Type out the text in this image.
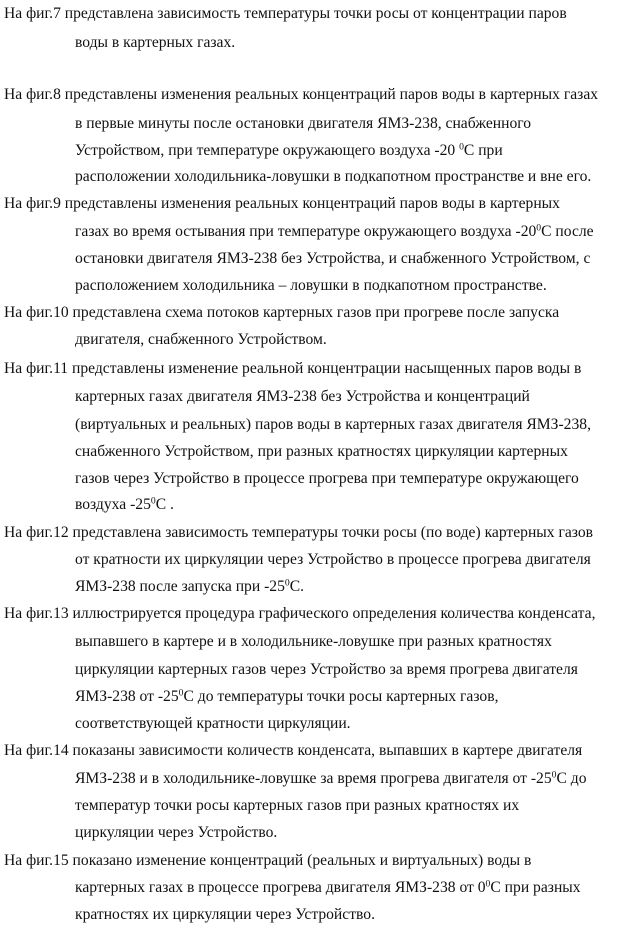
На фиг.7 представлена зависимость температуры точки росы от концентрации паров
воды в картерных газах.
На фиг.8 представлены изменения реальных концентраций паров воды в картерных газах
в первые минуты после остановки двигателя ЯМЗ-238, снабженного
Устройством, при температуре окружающего воздуха -20 $^0$С при
расположении холодильника-ловушки в подкапотном пространстве и вне его.
На фиг.9 представлены изменения реальных концентраций паров воды в картерных
газах во время остывания при температуре окружающего воздуха $-20^0С$ после
остановки двигателя ЯМЗ-238 без Устройства, и снабженного Устройством, с
расположением холодильника – ловушки в подкапотном пространстве.
На фиг.10 представлена схема потоков картерных газов при прогреве после запуска
двигателя, снабженного Устройством.
На фиг.11 представлены изменение реальной концентрации насыщенных паров воды в
картерных газах двигателя ЯМЗ-238 без Устройства и концентраций
(виртуальных и реальных) паров воды в картерных газах двигателя ЯМЗ-238,
снабженного Устройством, при разных кратностях циркуляции картерных
газов через Устройство в процессе прогрева при температуре окружающего
воздуха $-25^0С$ .
На фиг.12 представлена зависимость температуры точки росы (по воде) картерных газов
от кратности их циркуляции через Устройство в процессе прогрева двигателя
ЯМЗ-238 после запуска при $-25^0С$.
На фиг.13 иллюстрируется процедура графического определения количества конденсата,
выпавшего в картере и в холодильнике-ловушке при разных кратностях
циркуляции картерных газов через Устройство за время прогрева двигателя
ЯМЗ-238 от $-25^0С$ до температуры точки росы картерных газов,
соответствующей кратности циркуляции.
На фиг.14 показаны зависимости количеств конденсата, выпавших в картере двигателя
ЯМЗ-238 и в холодильнике-ловушке за время прогрева двигателя от $-25^0С$ до
температур точки росы картерных газов при разных кратностях их
циркуляции через Устройство.
На фиг.15 показано изменение концентраций (реальных и виртуальных) воды в
картерных газах в процессе прогрева двигателя ЯМЗ-238 от $0^0С$ при разных
кратностях их циркуляции через Устройство.
